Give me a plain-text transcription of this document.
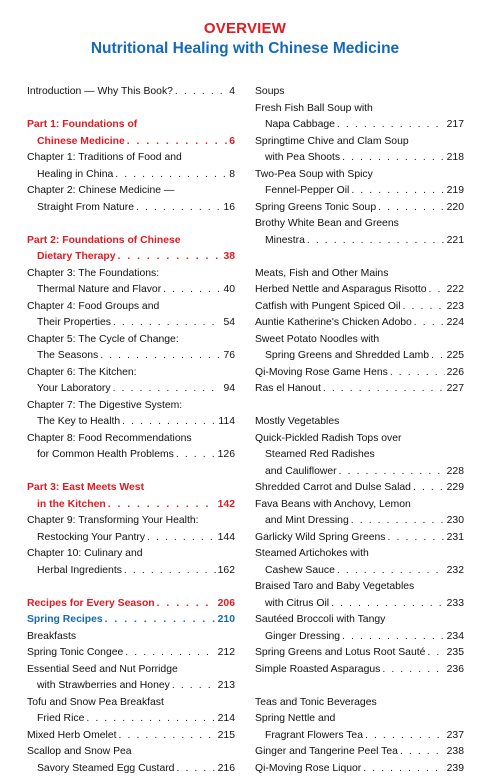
OVERVIEW
Nutritional Healing with Chinese Medicine
Introduction — Why This Book? . . .	4
Part 1: Foundations of
Chinese Medicine . . .	6
Chapter 1: Traditions of Food and
Healing in China . . .	8
Chapter 2: Chinese Medicine —
Straight From Nature . . .	16
Part 2: Foundations of Chinese
Dietary Therapy . . .	38
Chapter 3: The Foundations:
Thermal Nature and Flavor . . .	40
Chapter 4: Food Groups and
Their Properties . . .	54
Chapter 5: The Cycle of Change:
The Seasons . . .	76
Chapter 6: The Kitchen:
Your Laboratory . . .	94
Chapter 7: The Digestive System:
The Key to Health . . .	114
Chapter 8: Food Recommendations
for Common Health Problems . . .	126
Part 3: East Meets West
in the Kitchen . . .	142
Chapter 9: Transforming Your Health:
Restocking Your Pantry . . .	144
Chapter 10: Culinary and
Herbal Ingredients . . .	162
Recipes for Every Season . . .	206
Spring Recipes . . .	210
Breakfasts
Spring Tonic Congee . . .	212
Essential Seed and Nut Porridge
with Strawberries and Honey . . .	213
Tofu and Snow Pea Breakfast
Fried Rice . . .	214
Mixed Herb Omelet . . .	215
Scallop and Snow Pea
Savory Steamed Egg Custard . . .	216
Soups
Fresh Fish Ball Soup with
Napa Cabbage . . .	217
Springtime Chive and Clam Soup
with Pea Shoots . . .	218
Two-Pea Soup with Spicy
Fennel-Pepper Oil . . .	219
Spring Greens Tonic Soup . . .	220
Brothy White Bean and Greens
Minestra . . .	221
Meats, Fish and Other Mains
Herbed Nettle and Asparagus Risotto . . . 222
Catfish with Pungent Spiced Oil . . .	223
Auntie Katherine's Chicken Adobo . . .	224
Sweet Potato Noodles with
Spring Greens and Shredded Lamb . . . 225
Qi-Moving Rose Game Hens . . .	226
Ras el Hanout . . .	227
Mostly Vegetables
Quick-Pickled Radish Tops over
Steamed Red Radishes
and Cauliflower . . .	228
Shredded Carrot and Dulse Salad . . .	229
Fava Beans with Anchovy, Lemon
and Mint Dressing . . .	230
Garlicky Wild Spring Greens . . .	231
Steamed Artichokes with
Cashew Sauce . . .	232
Braised Taro and Baby Vegetables
with Citrus Oil . . .	233
Sautéed Broccoli with Tangy
Ginger Dressing . . .	234
Spring Greens and Lotus Root Sauté . . . 235
Simple Roasted Asparagus . . .	236
Teas and Tonic Beverages
Spring Nettle and
Fragrant Flowers Tea . . .	237
Ginger and Tangerine Peel Tea . . .	238
Qi-Moving Rose Liquor . . .	239
